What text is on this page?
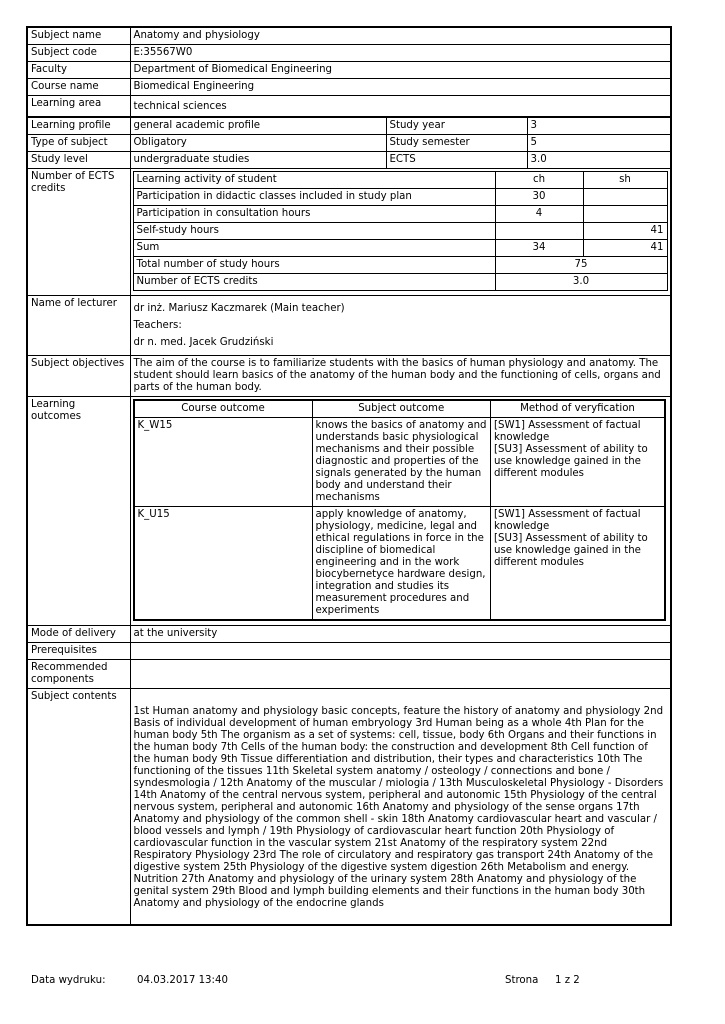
Subject name	Anatomy and physiology
Subject code	E:35567W0
Faculty	Department of Biomedical Engineering
Course name	Biomedical Engineering
Learning area	technical sciences
Learning profile	general academic profile	Study year	3
Type of subject	Obligatory	Study semester	5
Study level	undergraduate studies	ECTS	3.0
Number of ECTS credits	
Learning activity of student	ch	sh
Participation in didactic classes included in study plan	30	
Participation in consultation hours	4	
Self-study hours		41
Sum	34	41
Total number of study hours	75
Number of ECTS credits	3.0

Name of lecturer	dr inż. Mariusz Kaczmarek (Main teacher)
Teachers:
dr n. med. Jacek Grudziński

Subject objectives	The aim of the course is to familiarize students with the basics of human physiology and anatomy. The student should learn basics of the anatomy of the human body and the functioning of cells, organs and parts of the human body.
Learning outcomes	
Course outcome	Subject outcome	Method of veryfication
K_W15	knows the basics of anatomy and understands basic physiological mechanisms and their possible diagnostic and properties of the signals generated by the human body and understand their mechanisms	[SW1] Assessment of factual knowledge
[SU3] Assessment of ability to use knowledge gained in the different modules
K_U15	apply knowledge of anatomy, physiology, medicine, legal and ethical regulations in force in the discipline of biomedical engineering and in the work biocybernetyce hardware design, integration and studies its measurement procedures and experiments	[SW1] Assessment of factual knowledge
[SU3] Assessment of ability to use knowledge gained in the different modules

Mode of delivery	at the university
Prerequisites	
Recommended components	
Subject contents	1st Human anatomy and physiology basic concepts, feature the history of anatomy and physiology 2nd Basis of individual development of human embryology 3rd Human being as a whole 4th Plan for the human body 5th The organism as a set of systems: cell, tissue, body 6th Organs and their functions in the human body 7th Cells of the human body: the construction and development 8th Cell function of the human body 9th Tissue differentiation and distribution, their types and characteristics 10th The functioning of the tissues 11th Skeletal system anatomy / osteology / connections and bone / syndesmologia / 12th Anatomy of the muscular / miologia / 13th Musculoskeletal Physiology - Disorders 14th Anatomy of the central nervous system, peripheral and autonomic 15th Physiology of the central nervous system, peripheral and autonomic 16th Anatomy and physiology of the sense organs 17th Anatomy and physiology of the common shell - skin 18th Anatomy cardiovascular heart and vascular / blood vessels and lymph / 19th Physiology of cardiovascular heart function 20th Physiology of cardiovascular function in the vascular system 21st Anatomy of the respiratory system 22nd Respiratory Physiology 23rd The role of circulatory and respiratory gas transport 24th Anatomy of the digestive system 25th Physiology of the digestive system digestion 26th Metabolism and energy. Nutrition 27th Anatomy and physiology of the urinary system 28th Anatomy and physiology of the genital system 29th Blood and lymph building elements and their functions in the human body 30th Anatomy and physiology of the endocrine glands
Data wydruku:	04.03.2017 13:40	Strona 1 z 2
